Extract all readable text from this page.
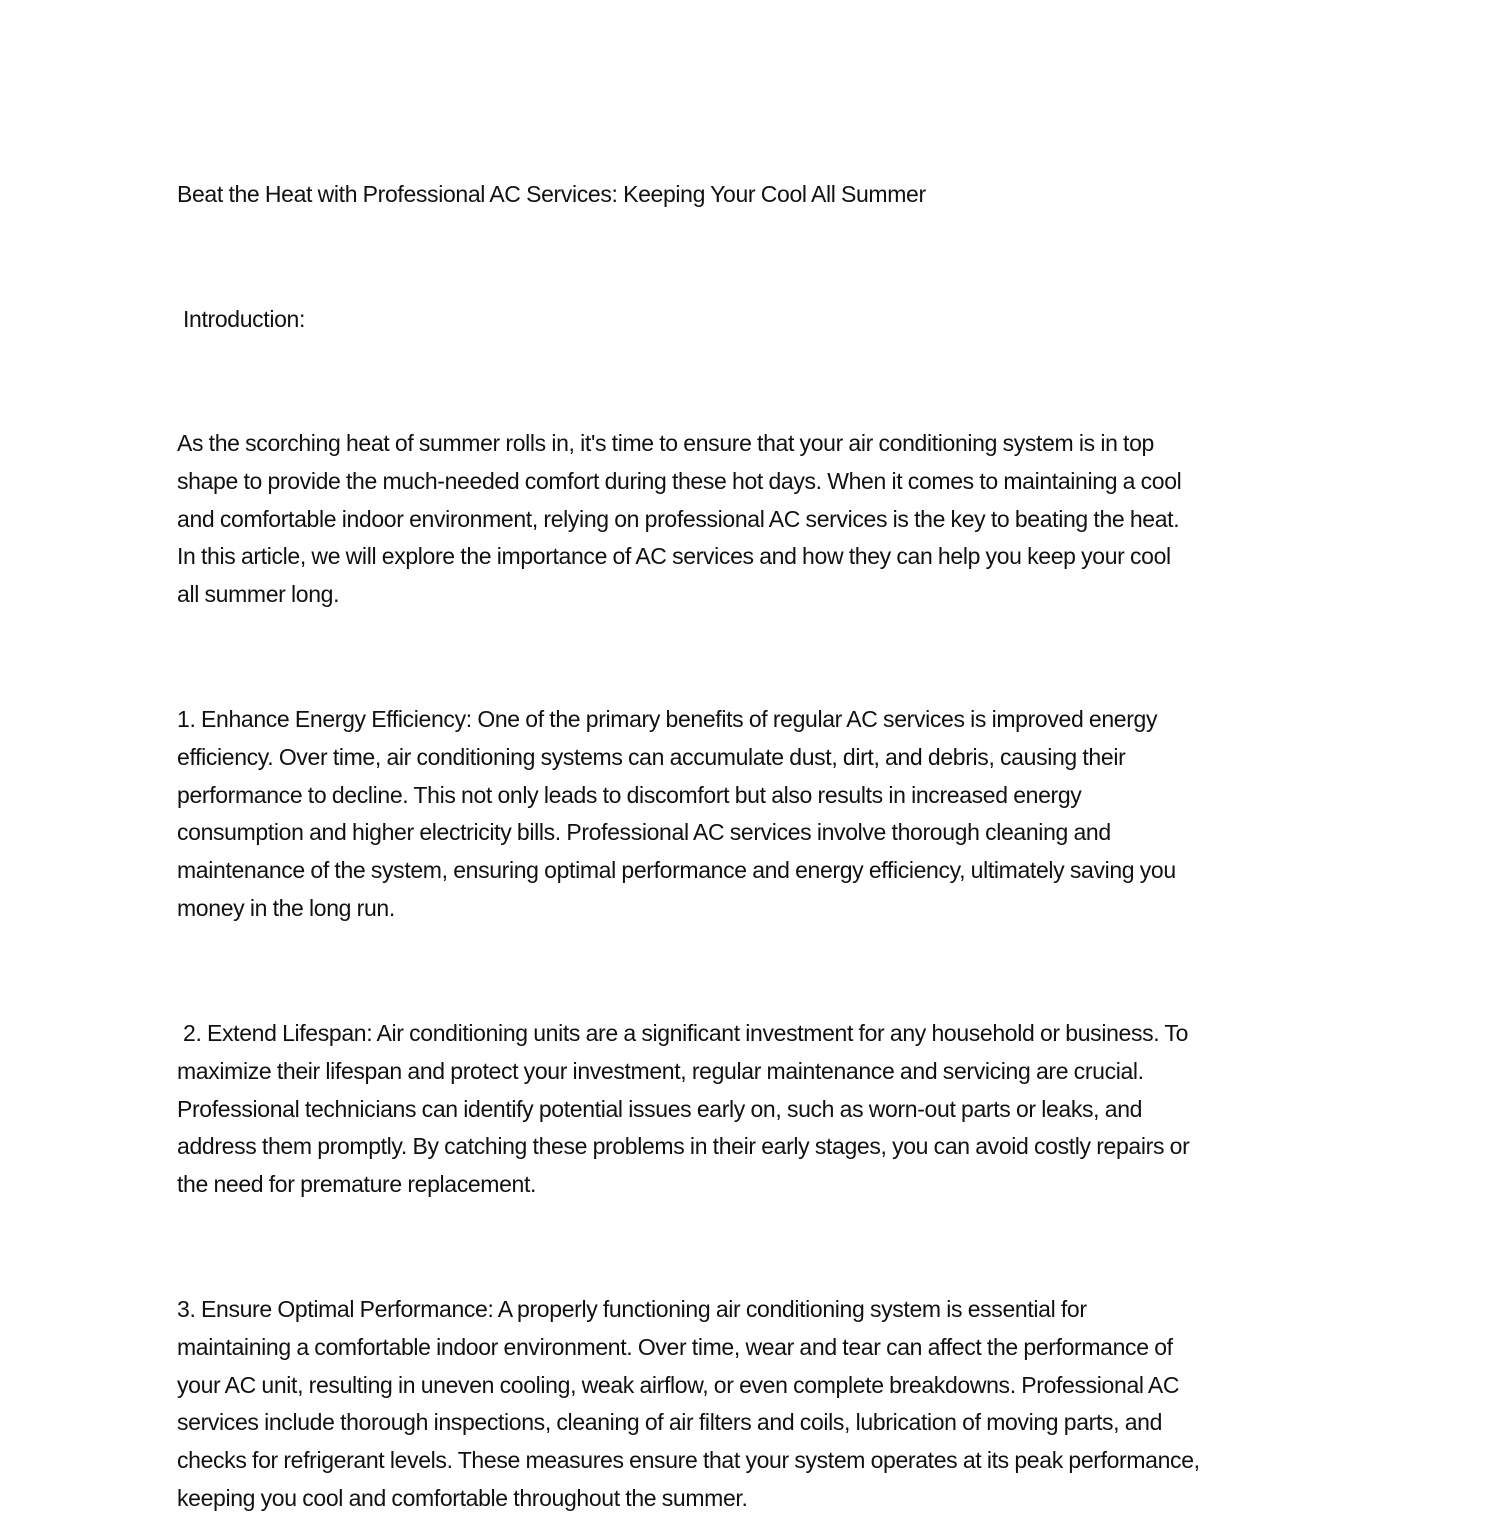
Beat the Heat with Professional AC Services: Keeping Your Cool All Summer
Introduction:
As the scorching heat of summer rolls in, it's time to ensure that your air conditioning system is in top
shape to provide the much-needed comfort during these hot days. When it comes to maintaining a cool
and comfortable indoor environment, relying on professional AC services is the key to beating the heat.
In this article, we will explore the importance of AC services and how they can help you keep your cool
all summer long.
1. Enhance Energy Efficiency: One of the primary benefits of regular AC services is improved energy
efficiency. Over time, air conditioning systems can accumulate dust, dirt, and debris, causing their
performance to decline. This not only leads to discomfort but also results in increased energy
consumption and higher electricity bills. Professional AC services involve thorough cleaning and
maintenance of the system, ensuring optimal performance and energy efficiency, ultimately saving you
money in the long run.
2. Extend Lifespan: Air conditioning units are a significant investment for any household or business. To
maximize their lifespan and protect your investment, regular maintenance and servicing are crucial.
Professional technicians can identify potential issues early on, such as worn-out parts or leaks, and
address them promptly. By catching these problems in their early stages, you can avoid costly repairs or
the need for premature replacement.
3. Ensure Optimal Performance: A properly functioning air conditioning system is essential for
maintaining a comfortable indoor environment. Over time, wear and tear can affect the performance of
your AC unit, resulting in uneven cooling, weak airflow, or even complete breakdowns. Professional AC
services include thorough inspections, cleaning of air filters and coils, lubrication of moving parts, and
checks for refrigerant levels. These measures ensure that your system operates at its peak performance,
keeping you cool and comfortable throughout the summer.
